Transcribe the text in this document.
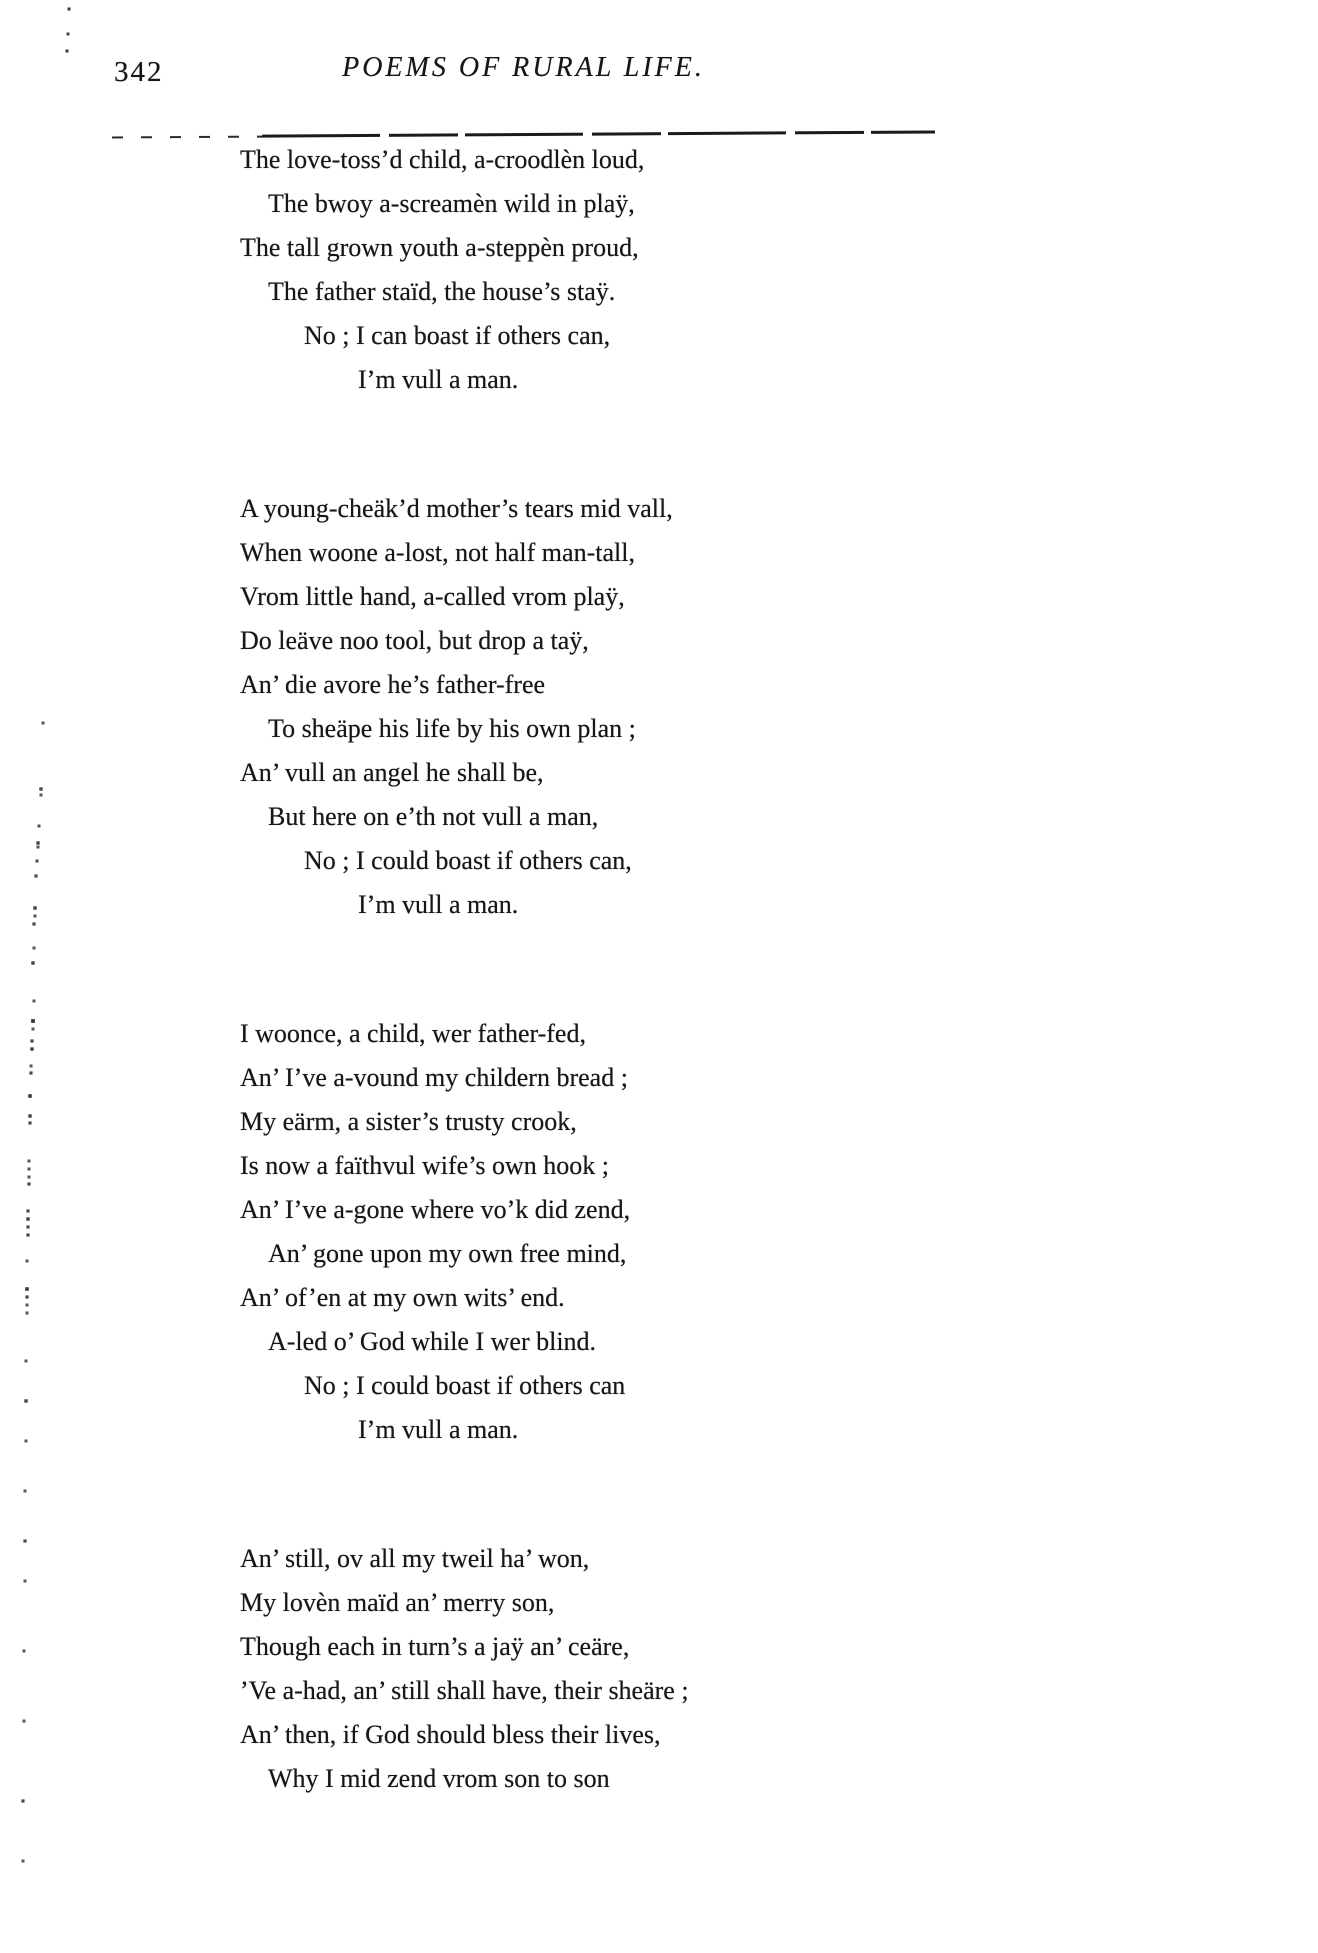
342	POEMS OF RURAL LIFE.
The love-toss’d child, a-croodlèn loud,
The bwoy a-screamèn wild in plaÿ,
The tall grown youth a-steppèn proud,
The father staïd, the house’s staÿ.
No ; I can boast if others can,
I’m vull a man.
A young-cheäk’d mother’s tears mid vall,
When woone a-lost, not half man-tall,
Vrom little hand, a-called vrom plaÿ,
Do leäve noo tool, but drop a taÿ,
An’ die avore he’s father-free
To sheäpe his life by his own plan ;
An’ vull an angel he shall be,
But here on e’th not vull a man,
No ; I could boast if others can,
I’m vull a man.
I woonce, a child, wer father-fed,
An’ I’ve a-vound my childern bread ;
My eärm, a sister’s trusty crook,
Is now a faïthvul wife’s own hook ;
An’ I’ve a-gone where vo’k did zend,
An’ gone upon my own free mind,
An’ of’en at my own wits’ end.
A-led o’ God while I wer blind.
No ; I could boast if others can
I’m vull a man.
An’ still, ov all my tweil ha’ won,
My lovèn maïd an’ merry son,
Though each in turn’s a jaÿ an’ ceäre,
’Ve a-had, an’ still shall have, their sheäre ;
An’ then, if God should bless their lives,
Why I mid zend vrom son to son
